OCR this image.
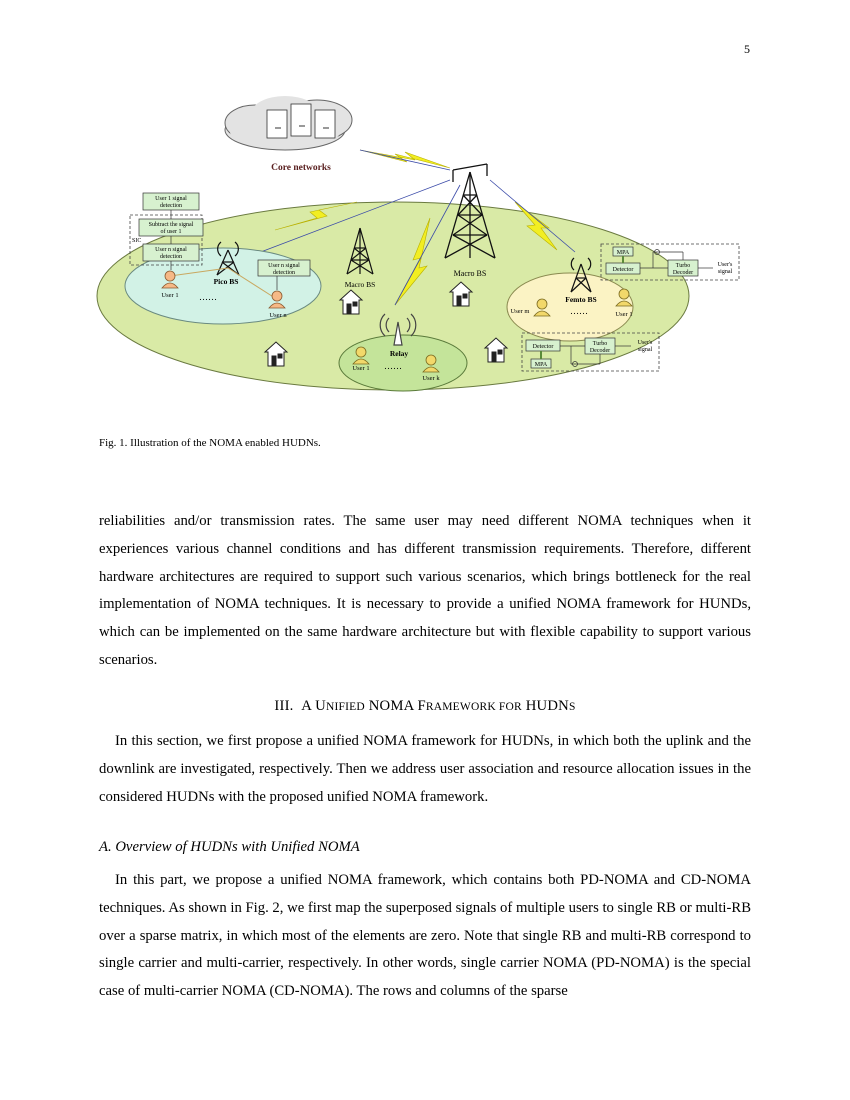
5
Core networks
Macro BS
Macro BS
Pico BS
User 1
User n
……
SIC
User 1 signal
detection
Subtract the signal
of user 1
User n signal
detection
User n signal
detection
Relay
User 1
User k
……
Femto BS
User m	User 1
……
MPA
Detector
Turbo
Decoder
User's
signal
Detector
MPA
Turbo
Decoder
User's
signal
Fig. 1. Illustration of the NOMA enabled HUDNs.

reliabilities and/or transmission rates. The same user may need different NOMA techniques when it experiences various channel conditions and has different transmission requirements. Therefore, different hardware architectures are required to support such various scenarios, which brings bottleneck for the real implementation of NOMA techniques. It is necessary to provide a unified NOMA framework for HUNDs, which can be implemented on the same hardware architecture but with flexible capability to support various scenarios.

III. A UNIFIED NOMA FRAMEWORK FOR HUDNS

In this section, we first propose a unified NOMA framework for HUDNs, in which both the uplink and the downlink are investigated, respectively. Then we address user association and resource allocation issues in the considered HUDNs with the proposed unified NOMA framework.

A. Overview of HUDNs with Unified NOMA

In this part, we propose a unified NOMA framework, which contains both PD-NOMA and CD-NOMA techniques. As shown in Fig. 2, we first map the superposed signals of multiple users to single RB or multi-RB over a sparse matrix, in which most of the elements are zero. Note that single RB and multi-RB correspond to single carrier and multi-carrier, respectively. In other words, single carrier NOMA (PD-NOMA) is the special case of multi-carrier NOMA (CD-NOMA). The rows and columns of the sparse
